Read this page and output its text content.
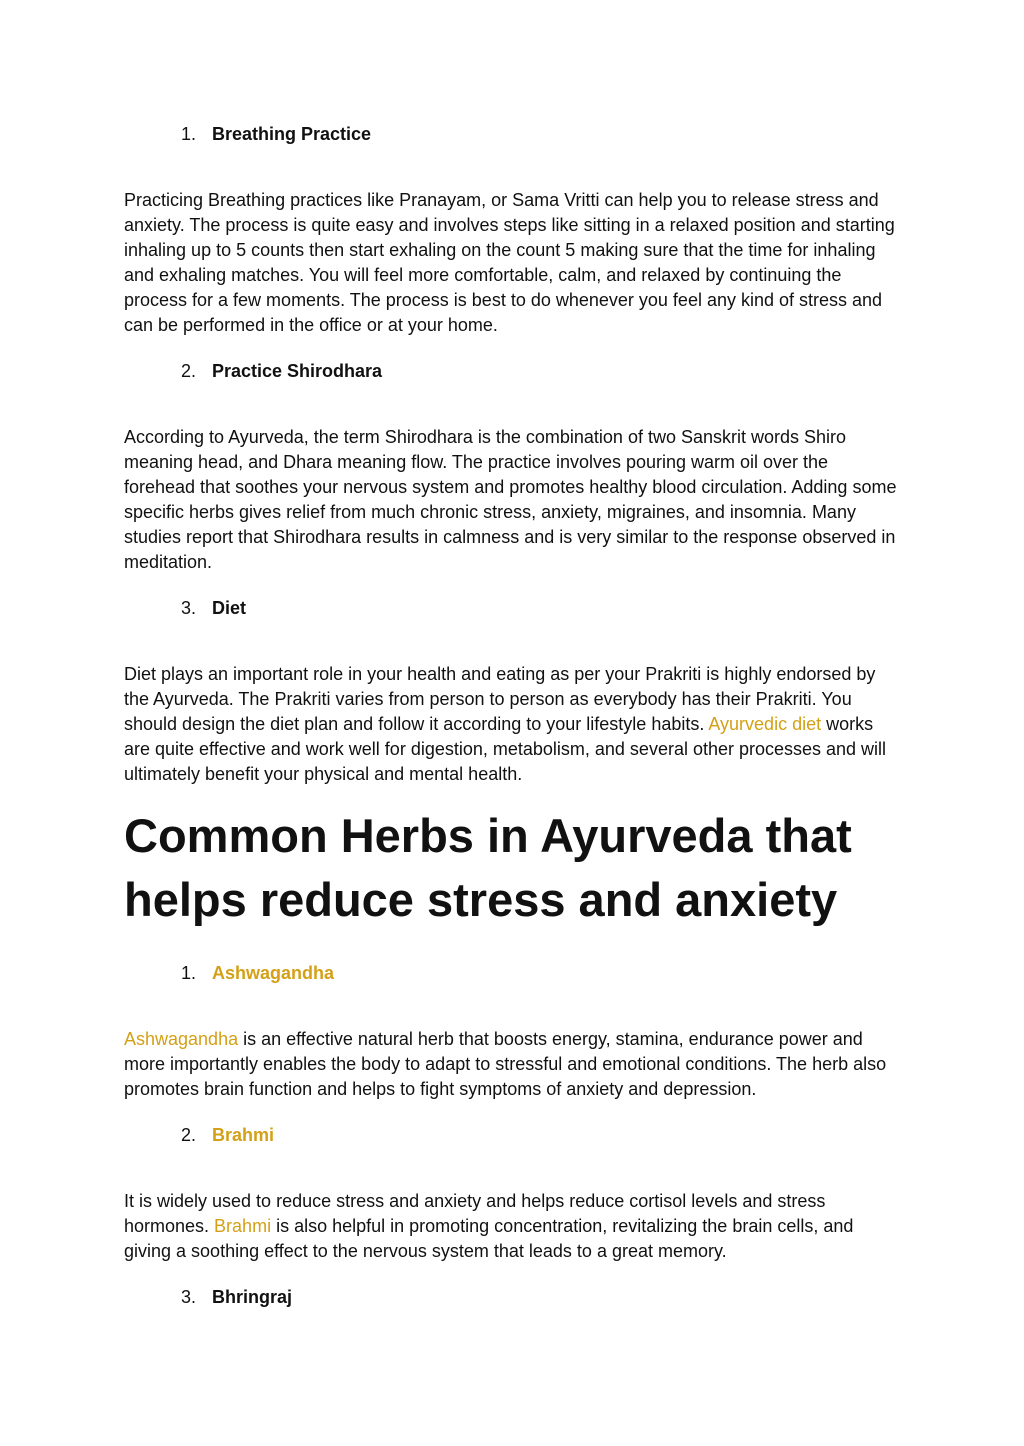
1. Breathing Practice

Practicing Breathing practices like Pranayam, or Sama Vritti can help you to release stress and anxiety. The process is quite easy and involves steps like sitting in a relaxed position and starting inhaling up to 5 counts then start exhaling on the count 5 making sure that the time for inhaling and exhaling matches. You will feel more comfortable, calm, and relaxed by continuing the process for a few moments. The process is best to do whenever you feel any kind of stress and can be performed in the office or at your home.

2. Practice Shirodhara

According to Ayurveda, the term Shirodhara is the combination of two Sanskrit words Shiro meaning head, and Dhara meaning flow. The practice involves pouring warm oil over the forehead that soothes your nervous system and promotes healthy blood circulation. Adding some specific herbs gives relief from much chronic stress, anxiety, migraines, and insomnia. Many studies report that Shirodhara results in calmness and is very similar to the response observed in meditation.

3. Diet

Diet plays an important role in your health and eating as per your Prakriti is highly endorsed by the Ayurveda. The Prakriti varies from person to person as everybody has their Prakriti. You should design the diet plan and follow it according to your lifestyle habits. Ayurvedic diet works are quite effective and work well for digestion, metabolism, and several other processes and will ultimately benefit your physical and mental health.

Common Herbs in Ayurveda that helps reduce stress and anxiety
1. Ashwagandha

Ashwagandha is an effective natural herb that boosts energy, stamina, endurance power and more importantly enables the body to adapt to stressful and emotional conditions. The herb also promotes brain function and helps to fight symptoms of anxiety and depression.

2. Brahmi

It is widely used to reduce stress and anxiety and helps reduce cortisol levels and stress hormones. Brahmi is also helpful in promoting concentration, revitalizing the brain cells, and giving a soothing effect to the nervous system that leads to a great memory.

3. Bhringraj
